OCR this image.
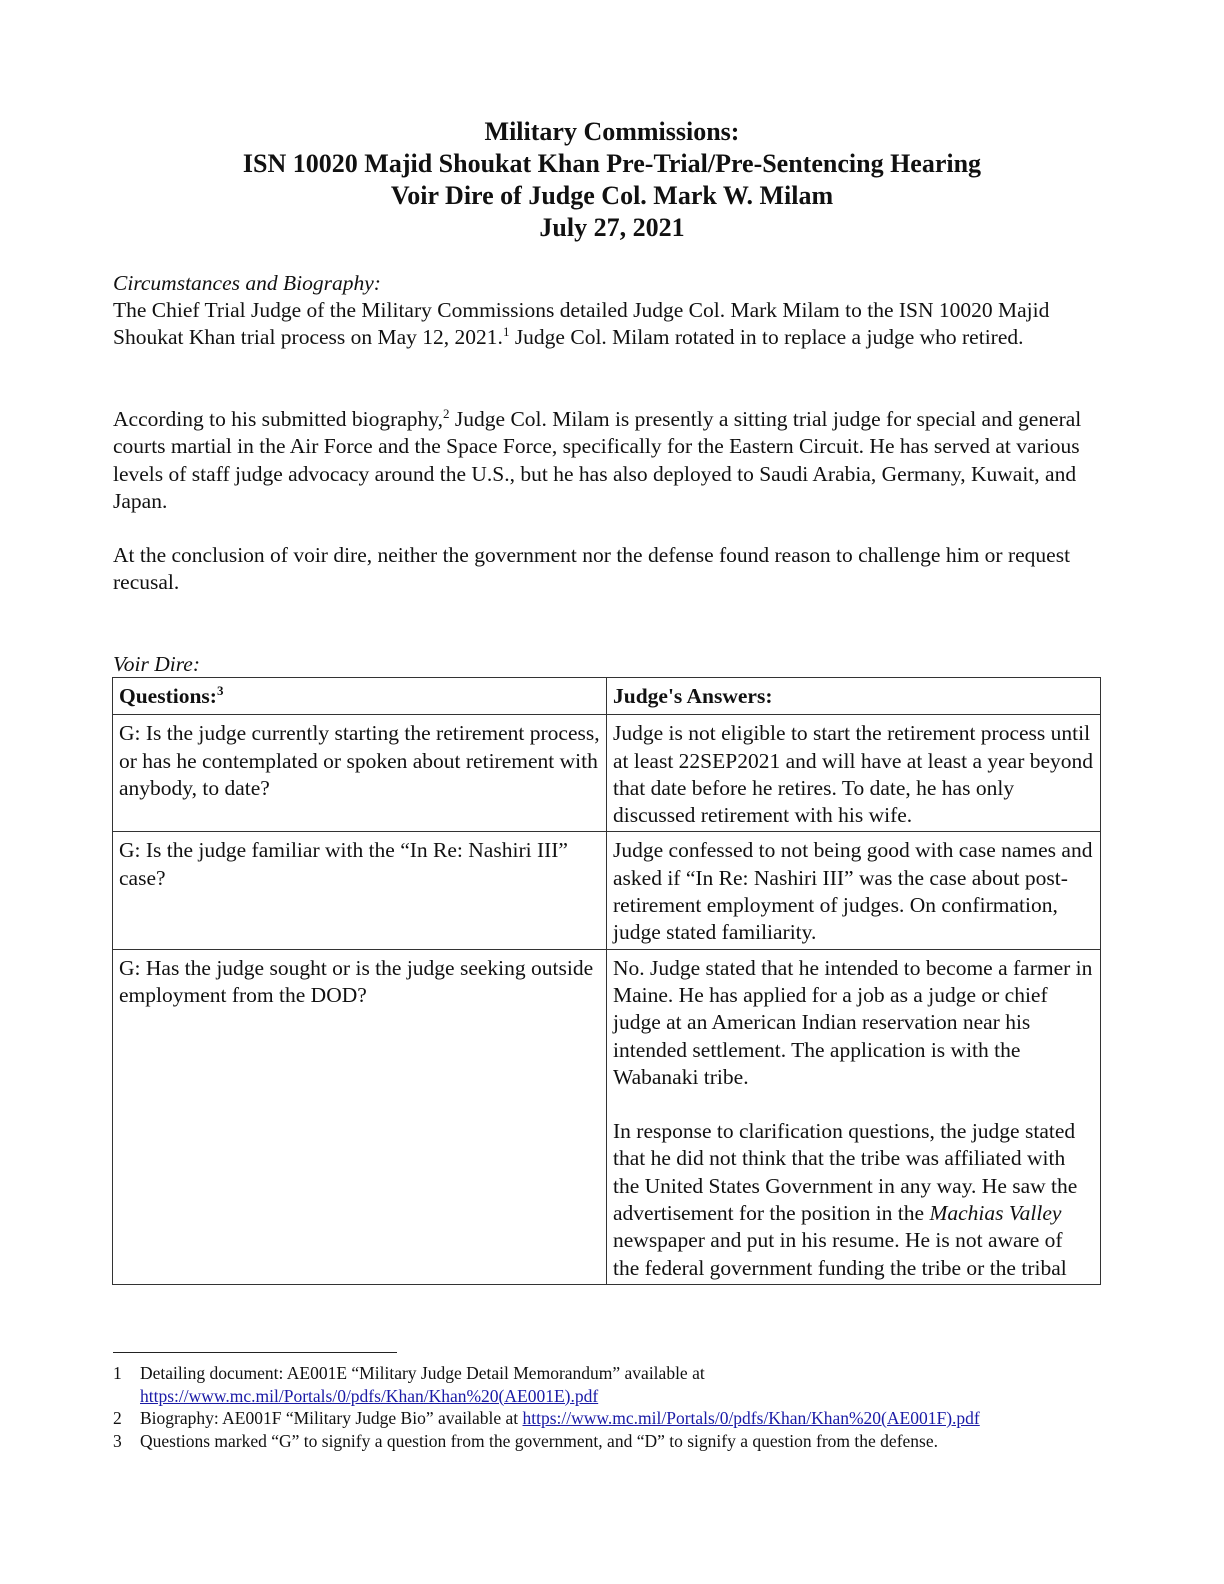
Military Commissions:
ISN 10020 Majid Shoukat Khan Pre-Trial/Pre-Sentencing Hearing
Voir Dire of Judge Col. Mark W. Milam
July 27, 2021
Circumstances and Biography:
The Chief Trial Judge of the Military Commissions detailed Judge Col. Mark Milam to the ISN 10020 Majid Shoukat Khan trial process on May 12, 2021.$^1$ Judge Col. Milam rotated in to replace a judge who retired.
According to his submitted biography,$^2$ Judge Col. Milam is presently a sitting trial judge for special and general courts martial in the Air Force and the Space Force, specifically for the Eastern Circuit. He has served at various levels of staff judge advocacy around the U.S., but he has also deployed to Saudi Arabia, Germany, Kuwait, and Japan.
At the conclusion of voir dire, neither the government nor the defense found reason to challenge him or request recusal.
Voir Dire:
Questions:$^3$	Judge's Answers:
G: Is the judge currently starting the retirement process, or has he contemplated or spoken about retirement with anybody, to date?	Judge is not eligible to start the retirement process until at least 22SEP2021 and will have at least a year beyond that date before he retires. To date, he has only discussed retirement with his wife.
G: Is the judge familiar with the “In Re: Nashiri III” case?	Judge confessed to not being good with case names and asked if “In Re: Nashiri III” was the case about post-retirement employment of judges. On confirmation, judge stated familiarity.
G: Has the judge sought or is the judge seeking outside employment from the DOD?	No. Judge stated that he intended to become a farmer in Maine. He has applied for a job as a judge or chief judge at an American Indian reservation near his intended settlement. The application is with the Wabanaki tribe.

In response to clarification questions, the judge stated that he did not think that the tribe was affiliated with the United States Government in any way. He saw the advertisement for the position in the Machias Valley newspaper and put in his resume. He is not aware of the federal government funding the tribe or the tribal

1	Detailing document: AE001E “Military Judge Detail Memorandum” available at
https://www.mc.mil/Portals/0/pdfs/Khan/Khan%20(AE001E).pdf
2	Biography: AE001F “Military Judge Bio” available at https://www.mc.mil/Portals/0/pdfs/Khan/Khan%20(AE001F).pdf
3	Questions marked “G” to signify a question from the government, and “D” to signify a question from the defense.
